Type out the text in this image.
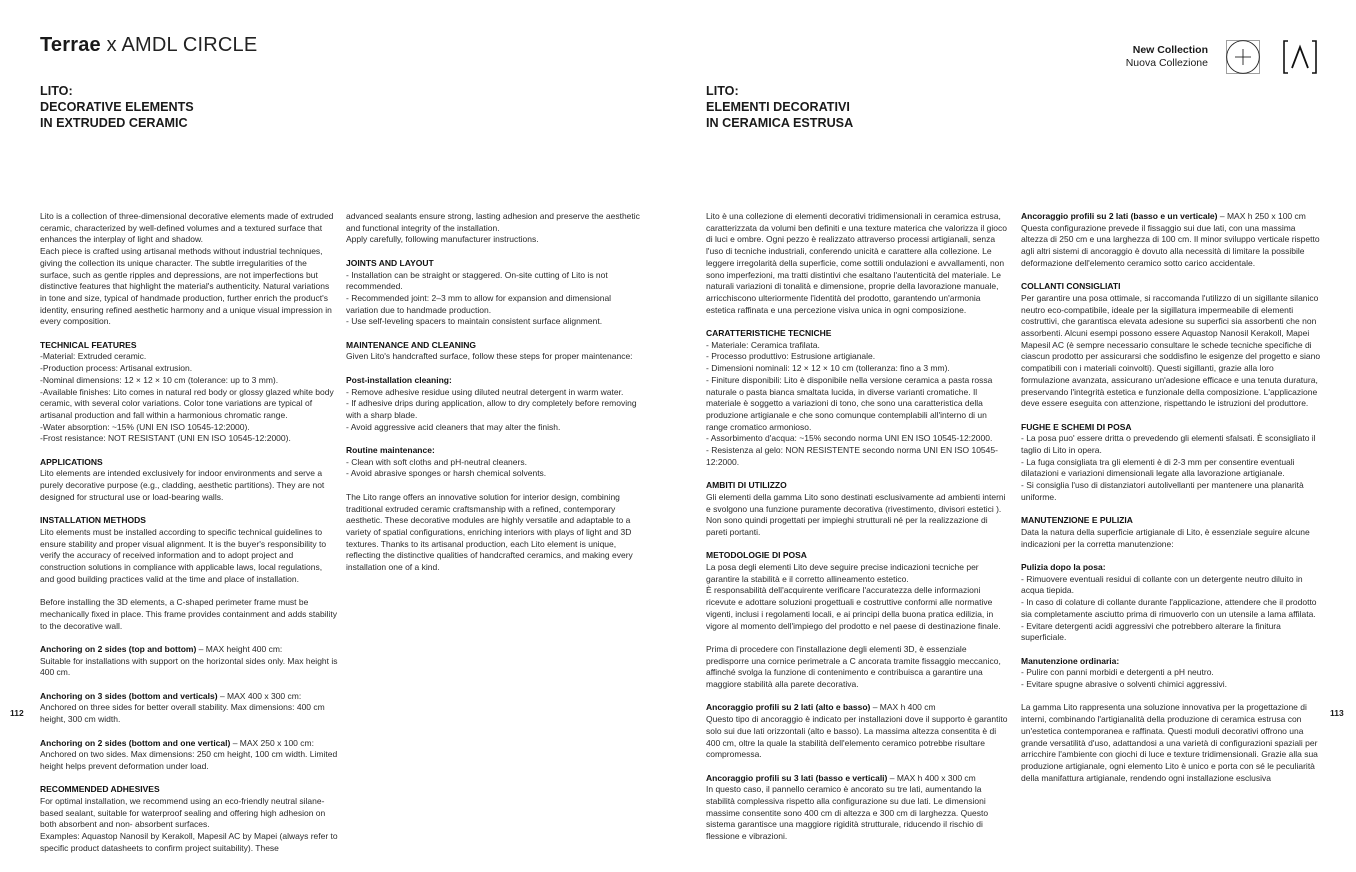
Terrae x AMDL CIRCLE
LITO:
DECORATIVE ELEMENTS
IN EXTRUDED CERAMIC
LITO:
ELEMENTI DECORATIVI
IN CERAMICA ESTRUSA
New Collection
Nuova Collezione
Lito is a collection of three-dimensional decorative elements made of extruded ceramic, characterized by well-defined volumes and a textured surface that enhances the interplay of light and shadow.
Each piece is crafted using artisanal methods without industrial techniques, giving the collection its unique character. The subtle irregularities of the surface, such as gentle ripples and depressions, are not imperfections but distinctive features that highlight the material's authenticity. Natural variations in tone and size, typical of handmade production, further enrich the product's identity, ensuring refined aesthetic harmony and a unique visual impression in every composition.
TECHNICAL FEATURES
-Material: Extruded ceramic.
-Production process: Artisanal extrusion.
-Nominal dimensions: 12 × 12 × 10 cm (tolerance: up to 3 mm).
-Available finishes: Lito comes in natural red body or glossy glazed white body ceramic, with several color variations. Color tone variations are typical of artisanal production and fall within a harmonious chromatic range.
-Water absorption: ~15% (UNI EN ISO 10545-12:2000).
-Frost resistance: NOT RESISTANT (UNI EN ISO 10545-12:2000).
APPLICATIONS
Lito elements are intended exclusively for indoor environments and serve a purely decorative purpose (e.g., cladding, aesthetic partitions). They are not designed for structural use or load-bearing walls.
INSTALLATION METHODS
Lito elements must be installed according to specific technical guidelines to ensure stability and proper visual alignment. It is the buyer's responsibility to verify the accuracy of received information and to adopt project and construction solutions in compliance with applicable laws, local regulations, and good building practices valid at the time and place of installation.
Before installing the 3D elements, a C-shaped perimeter frame must be mechanically fixed in place. This frame provides containment and adds stability to the decorative wall.
Anchoring on 2 sides (top and bottom) – MAX height 400 cm:
Suitable for installations with support on the horizontal sides only. Max height is 400 cm.
Anchoring on 3 sides (bottom and verticals) – MAX 400 x 300 cm:
Anchored on three sides for better overall stability. Max dimensions: 400 cm height, 300 cm width.
Anchoring on 2 sides (bottom and one vertical) – MAX 250 x 100 cm:
Anchored on two sides. Max dimensions: 250 cm height, 100 cm width. Limited height helps prevent deformation under load.
RECOMMENDED ADHESIVES
For optimal installation, we recommend using an eco-friendly neutral silane-based sealant, suitable for waterproof sealing and offering high adhesion on both absorbent and non- absorbent surfaces.
Examples: Aquastop Nanosil by Kerakoll, Mapesil AC by Mapei (always refer to specific product datasheets to confirm project suitability). These
advanced sealants ensure strong, lasting adhesion and preserve the aesthetic and functional integrity of the installation.
Apply carefully, following manufacturer instructions.
JOINTS AND LAYOUT
- Installation can be straight or staggered. On-site cutting of Lito is not recommended.
- Recommended joint: 2–3 mm to allow for expansion and dimensional variation due to handmade production.
- Use self-leveling spacers to maintain consistent surface alignment.
MAINTENANCE AND CLEANING
Given Lito's handcrafted surface, follow these steps for proper maintenance:
Post-installation cleaning:
- Remove adhesive residue using diluted neutral detergent in warm water.
- If adhesive drips during application, allow to dry completely before removing with a sharp blade.
- Avoid aggressive acid cleaners that may alter the finish.
Routine maintenance:
- Clean with soft cloths and pH-neutral cleaners.
- Avoid abrasive sponges or harsh chemical solvents.
The Lito range offers an innovative solution for interior design, combining traditional extruded ceramic craftsmanship with a refined, contemporary aesthetic. These decorative modules are highly versatile and adaptable to a variety of spatial configurations, enriching interiors with plays of light and 3D textures. Thanks to its artisanal production, each Lito element is unique, reflecting the distinctive qualities of handcrafted ceramics, and making every installation one of a kind.
Lito è una collezione di elementi decorativi tridimensionali in ceramica estrusa, caratterizzata da volumi ben definiti e una texture materica che valorizza il gioco di luci e ombre. Ogni pezzo è realizzato attraverso processi artigianali, senza l'uso di tecniche industriali, conferendo unicità e carattere alla collezione. Le leggere irregolarità della superficie, come sottili ondulazioni e avvallamenti, non sono imperfezioni, ma tratti distintivi che esaltano l'autenticità del materiale. Le naturali variazioni di tonalità e dimensione, proprie della lavorazione manuale, arricchiscono ulteriormente l'identità del prodotto, garantendo un'armonia estetica raffinata e una percezione visiva unica in ogni composizione.
CARATTERISTICHE TECNICHE
- Materiale: Ceramica trafilata.
- Processo produttivo: Estrusione artigianale.
- Dimensioni nominali: 12 × 12 × 10 cm (tolleranza: fino a 3 mm).
- Finiture disponibili: Lito è disponibile nella versione ceramica a pasta rossa naturale o pasta bianca smaltata lucida, in diverse varianti cromatiche. Il materiale è soggetto a variazioni di tono, che sono una caratteristica della produzione artigianale e che sono comunque contemplabili all'interno di un range cromatico armonioso.
- Assorbimento d'acqua: ~15% secondo norma UNI EN ISO 10545-12:2000.
- Resistenza al gelo: NON RESISTENTE secondo norma UNI EN ISO 10545-12:2000.
AMBITI DI UTILIZZO
Gli elementi della gamma Lito sono destinati esclusivamente ad ambienti interni e svolgono una funzione puramente decorativa (rivestimento, divisori estetici ). Non sono quindi progettati per impieghi strutturali né per la realizzazione di pareti portanti.
METODOLOGIE DI POSA
La posa degli elementi Lito deve seguire precise indicazioni tecniche per garantire la stabilità e il corretto allineamento estetico.
È responsabilità dell'acquirente verificare l'accuratezza delle informazioni ricevute e adottare soluzioni progettuali e costruttive conformi alle normative vigenti, inclusi i regolamenti locali, e ai principi della buona pratica edilizia, in vigore al momento dell'impiego del prodotto e nel paese di destinazione finale.
Prima di procedere con l'installazione degli elementi 3D, è essenziale predisporre una cornice perimetrale a C ancorata tramite fissaggio meccanico, affinché svolga la funzione di contenimento e contribuisca a garantire una maggiore stabilità alla parete decorativa.
Ancoraggio profili su 2 lati (alto e basso) – MAX h 400 cm
Questo tipo di ancoraggio è indicato per installazioni dove il supporto è garantito solo sui due lati orizzontali (alto e basso). La massima altezza consentita è di 400 cm, oltre la quale la stabilità dell'elemento ceramico potrebbe risultare compromessa.
Ancoraggio profili su 3 lati (basso e verticali) – MAX h 400 x 300 cm
In questo caso, il pannello ceramico è ancorato su tre lati, aumentando la stabilità complessiva rispetto alla configurazione su due lati. Le dimensioni massime consentite sono 400 cm di altezza e 300 cm di larghezza. Questo sistema garantisce una maggiore rigidità strutturale, riducendo il rischio di flessione e vibrazioni.
Ancoraggio profili su 2 lati (basso e un verticale) – MAX h 250 x 100 cm
Questa configurazione prevede il fissaggio sui due lati, con una massima altezza di 250 cm e una larghezza di 100 cm. Il minor sviluppo verticale rispetto agli altri sistemi di ancoraggio è dovuto alla necessità di limitare la possibile deformazione dell'elemento ceramico sotto carico accidentale.
COLLANTI CONSIGLIATI
Per garantire una posa ottimale, si raccomanda l'utilizzo di un sigillante silanico neutro eco-compatibile, ideale per la sigillatura impermeabile di elementi costruttivi, che garantisca elevata adesione su superfici sia assorbenti che non assorbenti. Alcuni esempi possono essere Aquastop Nanosil Kerakoll, Mapei Mapesil AC (è sempre necessario consultare le schede tecniche specifiche di ciascun prodotto per assicurarsi che soddisfino le esigenze del progetto e siano compatibili con i materiali coinvolti). Questi sigillanti, grazie alla loro formulazione avanzata, assicurano un'adesione efficace e una tenuta duratura, preservando l'integrità estetica e funzionale della composizione. L'applicazione deve essere eseguita con attenzione, rispettando le istruzioni del produttore.
FUGHE E SCHEMI DI POSA
- La posa puo' essere dritta o prevedendo gli elementi sfalsati. È sconsigliato il taglio di Lito in opera.
- La fuga consigliata tra gli elementi è di 2-3 mm per consentire eventuali dilatazioni e variazioni dimensionali legate alla lavorazione artigianale.
- Si consiglia l'uso di distanziatori autolivellanti per mantenere una planarità uniforme.
MANUTENZIONE E PULIZIA
Data la natura della superficie artigianale di Lito, è essenziale seguire alcune indicazioni per la corretta manutenzione:
Pulizia dopo la posa:
- Rimuovere eventuali residui di collante con un detergente neutro diluito in acqua tiepida.
- In caso di colature di collante durante l'applicazione, attendere che il prodotto sia completamente asciutto prima di rimuoverlo con un utensile a lama affilata.
- Evitare detergenti acidi aggressivi che potrebbero alterare la finitura superficiale.
Manutenzione ordinaria:
- Pulire con panni morbidi e detergenti a pH neutro.
- Evitare spugne abrasive o solventi chimici aggressivi.
La gamma Lito rappresenta una soluzione innovativa per la progettazione di interni, combinando l'artigianalità della produzione di ceramica estrusa con un'estetica contemporanea e raffinata. Questi moduli decorativi offrono una grande versatilità d'uso, adattandosi a una varietà di configurazioni spaziali per arricchire l'ambiente con giochi di luce e texture tridimensionali. Grazie alla sua produzione artigianale, ogni elemento Lito è unico e porta con sé le peculiarità della manifattura artigianale, rendendo ogni installazione esclusiva
112	113
